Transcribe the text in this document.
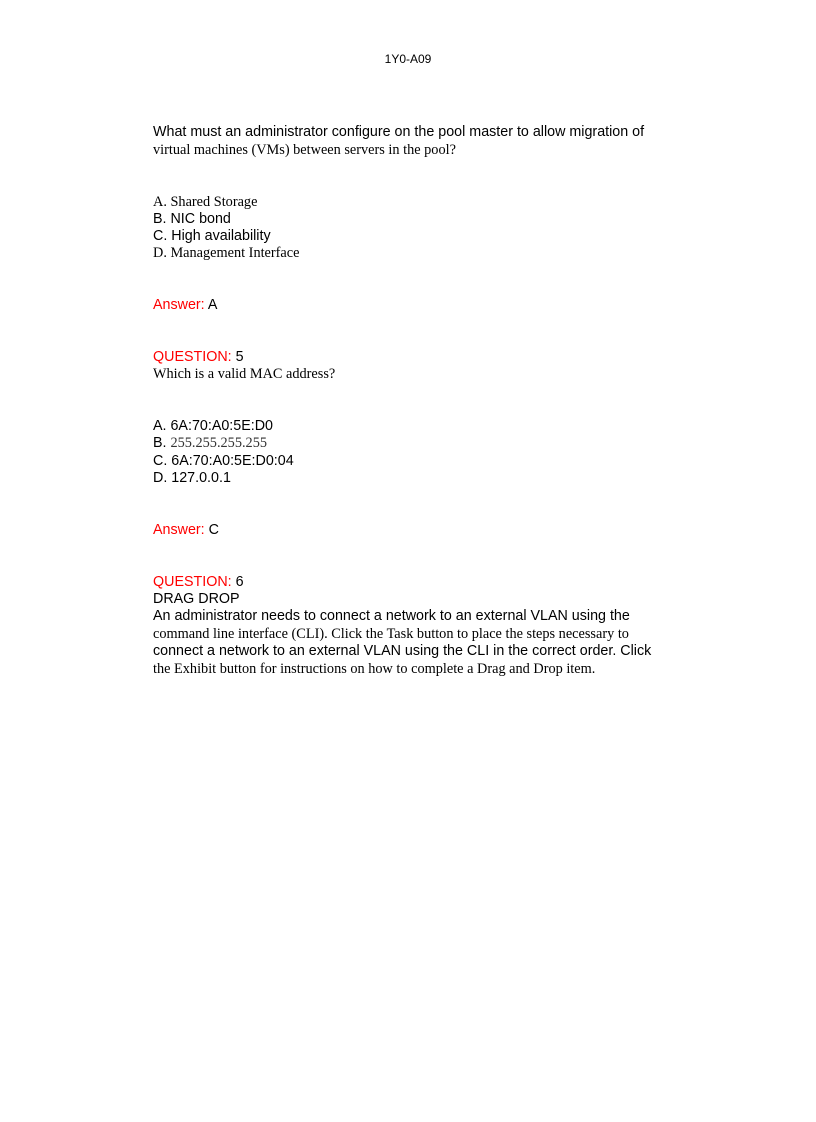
1Y0-A09
What must an administrator configure on the pool master to allow migration of
virtual machines (VMs) between servers in the pool?
A. Shared Storage
B. NIC bond
C. High availability
D. Management Interface
Answer: A
QUESTION: 5
Which is a valid MAC address?
A. 6A:70:A0:5E:D0
B. 255.255.255.255
C. 6A:70:A0:5E:D0:04
D. 127.0.0.1
Answer: C
QUESTION: 6
DRAG DROP
An administrator needs to connect a network to an external VLAN using the
command line interface (CLI). Click the Task button to place the steps necessary to
connect a network to an external VLAN using the CLI in the correct order. Click
the Exhibit button for instructions on how to complete a Drag and Drop item.
